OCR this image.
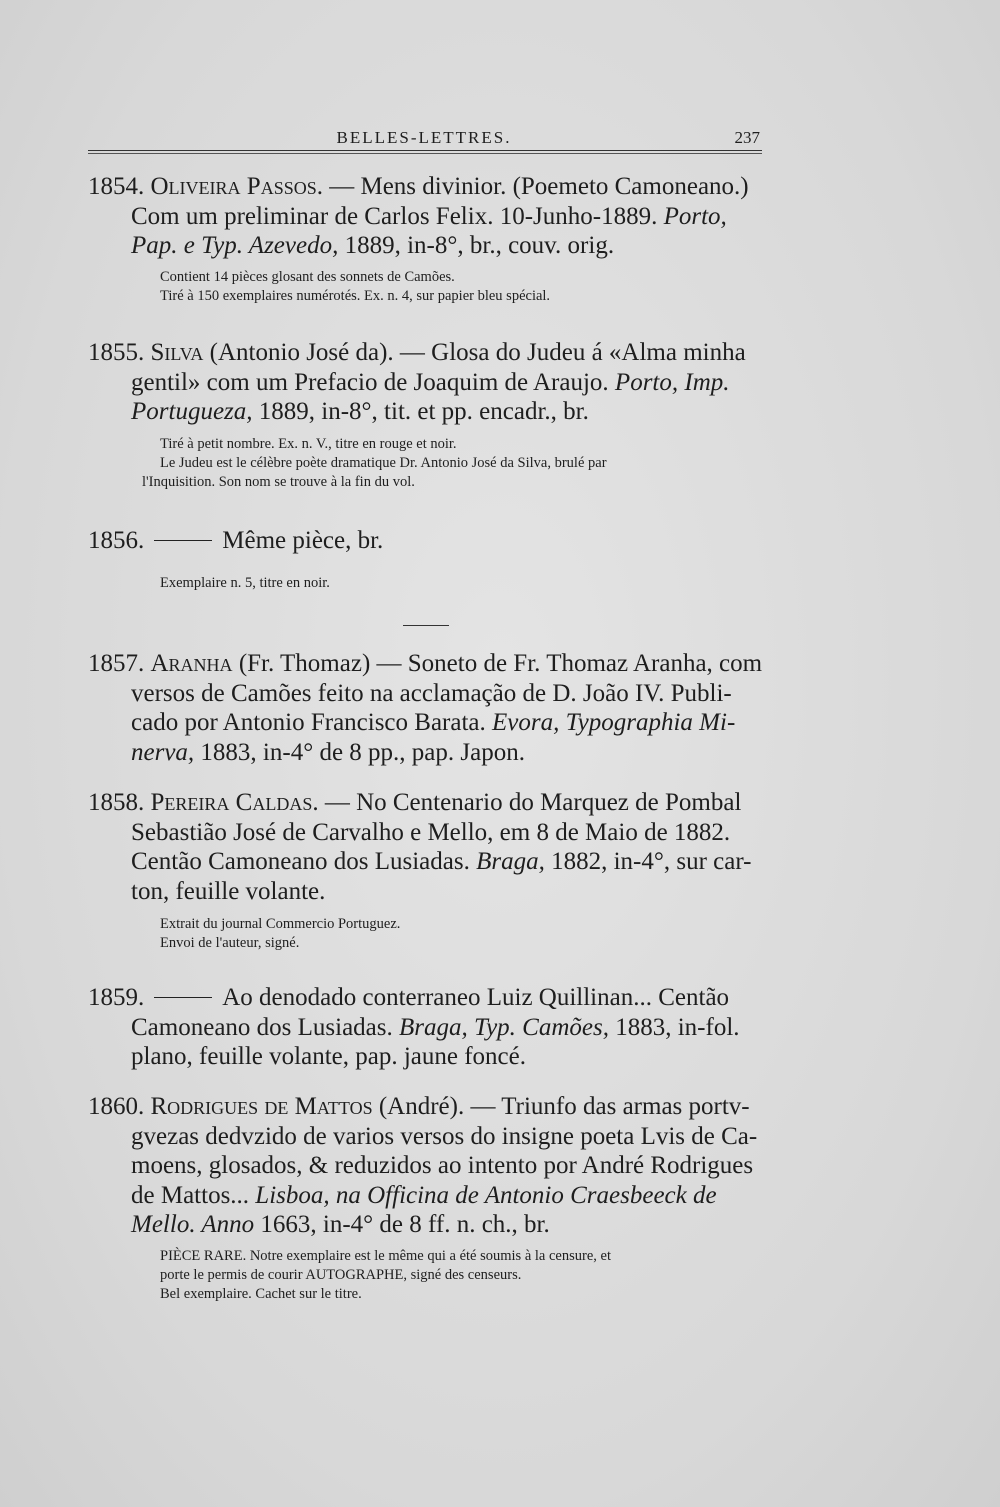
BELLES-LETTRES.	237
1854. Oliveira Passos. — Mens divinior. (Poemeto Camoneano.)
Com um preliminar de Carlos Felix. 10-Junho-1889. Porto,
Pap. e Typ. Azevedo, 1889, in-8°, br., couv. orig.
Contient 14 pièces glosant des sonnets de Camões.
Tiré à 150 exemplaires numérotés. Ex. n. 4, sur papier bleu spécial.
1855. Silva (Antonio José da). — Glosa do Judeu á «Alma minha
gentil» com um Prefacio de Joaquim de Araujo. Porto, Imp.
Portugueza, 1889, in-8°, tit. et pp. encadr., br.
Tiré à petit nombre. Ex. n. V., titre en rouge et noir.
Le Judeu est le célèbre poète dramatique Dr. Antonio José da Silva, brulé par
l'Inquisition. Son nom se trouve à la fin du vol.
1856.	Même pièce, br.
Exemplaire n. 5, titre en noir.
1857. Aranha (Fr. Thomaz) — Soneto de Fr. Thomaz Aranha, com
versos de Camões feito na acclamação de D. João IV. Publi-
cado por Antonio Francisco Barata. Evora, Typographia Mi-
nerva, 1883, in-4° de 8 pp., pap. Japon.
1858. Pereira Caldas. — No Centenario do Marquez de Pombal
Sebastião José de Carvalho e Mello, em 8 de Maio de 1882.
Centão Camoneano dos Lusiadas. Braga, 1882, in-4°, sur car-
ton, feuille volante.
Extrait du journal Commercio Portuguez.
Envoi de l'auteur, signé.
1859.	Ao denodado conterraneo Luiz Quillinan... Centão
Camoneano dos Lusiadas. Braga, Typ. Camões, 1883, in-fol.
plano, feuille volante, pap. jaune foncé.
1860. Rodrigues de Mattos (André). — Triunfo das armas portv-
gvezas dedvzido de varios versos do insigne poeta Lvis de Ca-
moens, glosados, & reduzidos ao intento por André Rodrigues
de Mattos... Lisboa, na Officina de Antonio Craesbeeck de
Mello. Anno 1663, in-4° de 8 ff. n. ch., br.
PIÈCE RARE. Notre exemplaire est le même qui a été soumis à la censure, et
porte le permis de courir AUTOGRAPHE, signé des censeurs.
Bel exemplaire. Cachet sur le titre.
